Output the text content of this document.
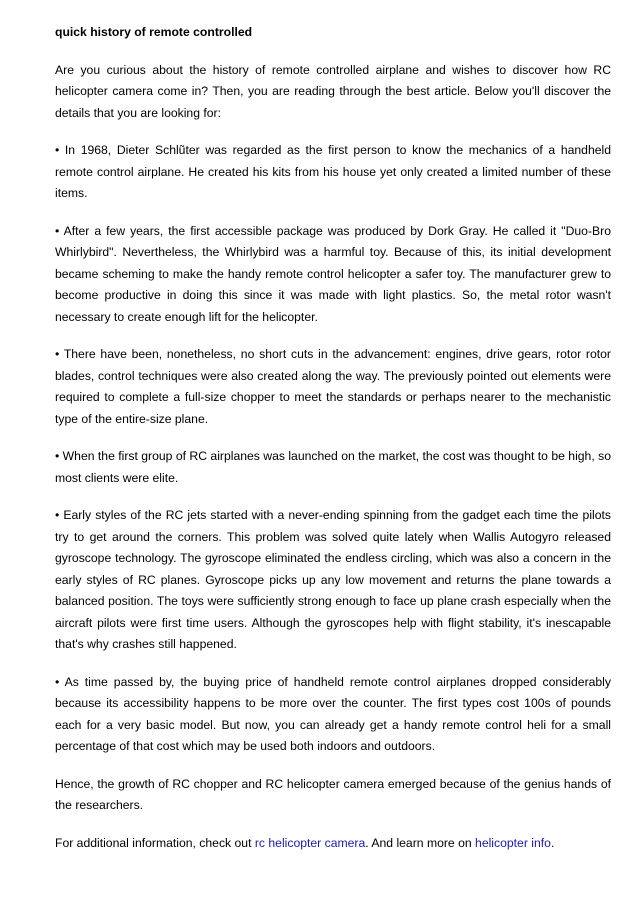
quick history of remote controlled

Are you curious about the history of remote controlled airplane and wishes to discover how RC helicopter camera come in? Then, you are reading through the best article. Below you'll discover the details that you are looking for:

• In 1968, Dieter Schlũter was regarded as the first person to know the mechanics of a handheld remote control airplane. He created his kits from his house yet only created a limited number of these items.

• After a few years, the first accessible package was produced by Dork Gray. He called it "Duo-Bro Whirlybird". Nevertheless, the Whirlybird was a harmful toy. Because of this, its initial development became scheming to make the handy remote control helicopter a safer toy. The manufacturer grew to become productive in doing this since it was made with light plastics. So, the metal rotor wasn't necessary to create enough lift for the helicopter.

• There have been, nonetheless, no short cuts in the advancement: engines, drive gears, rotor rotor blades, control techniques were also created along the way. The previously pointed out elements were required to complete a full-size chopper to meet the standards or perhaps nearer to the mechanistic type of the entire-size plane.

• When the first group of RC airplanes was launched on the market, the cost was thought to be high, so most clients were elite.

• Early styles of the RC jets started with a never-ending spinning from the gadget each time the pilots try to get around the corners. This problem was solved quite lately when Wallis Autogyro released gyroscope technology. The gyroscope eliminated the endless circling, which was also a concern in the early styles of RC planes. Gyroscope picks up any low movement and returns the plane towards a balanced position. The toys were sufficiently strong enough to face up plane crash especially when the aircraft pilots were first time users. Although the gyroscopes help with flight stability, it's inescapable that's why crashes still happened.

• As time passed by, the buying price of handheld remote control airplanes dropped considerably because its accessibility happens to be more over the counter. The first types cost 100s of pounds each for a very basic model. But now, you can already get a handy remote control heli for a small percentage of that cost which may be used both indoors and outdoors.

Hence, the growth of RC chopper and RC helicopter camera emerged because of the genius hands of the researchers.

For additional information, check out rc helicopter camera. And learn more on helicopter info.
